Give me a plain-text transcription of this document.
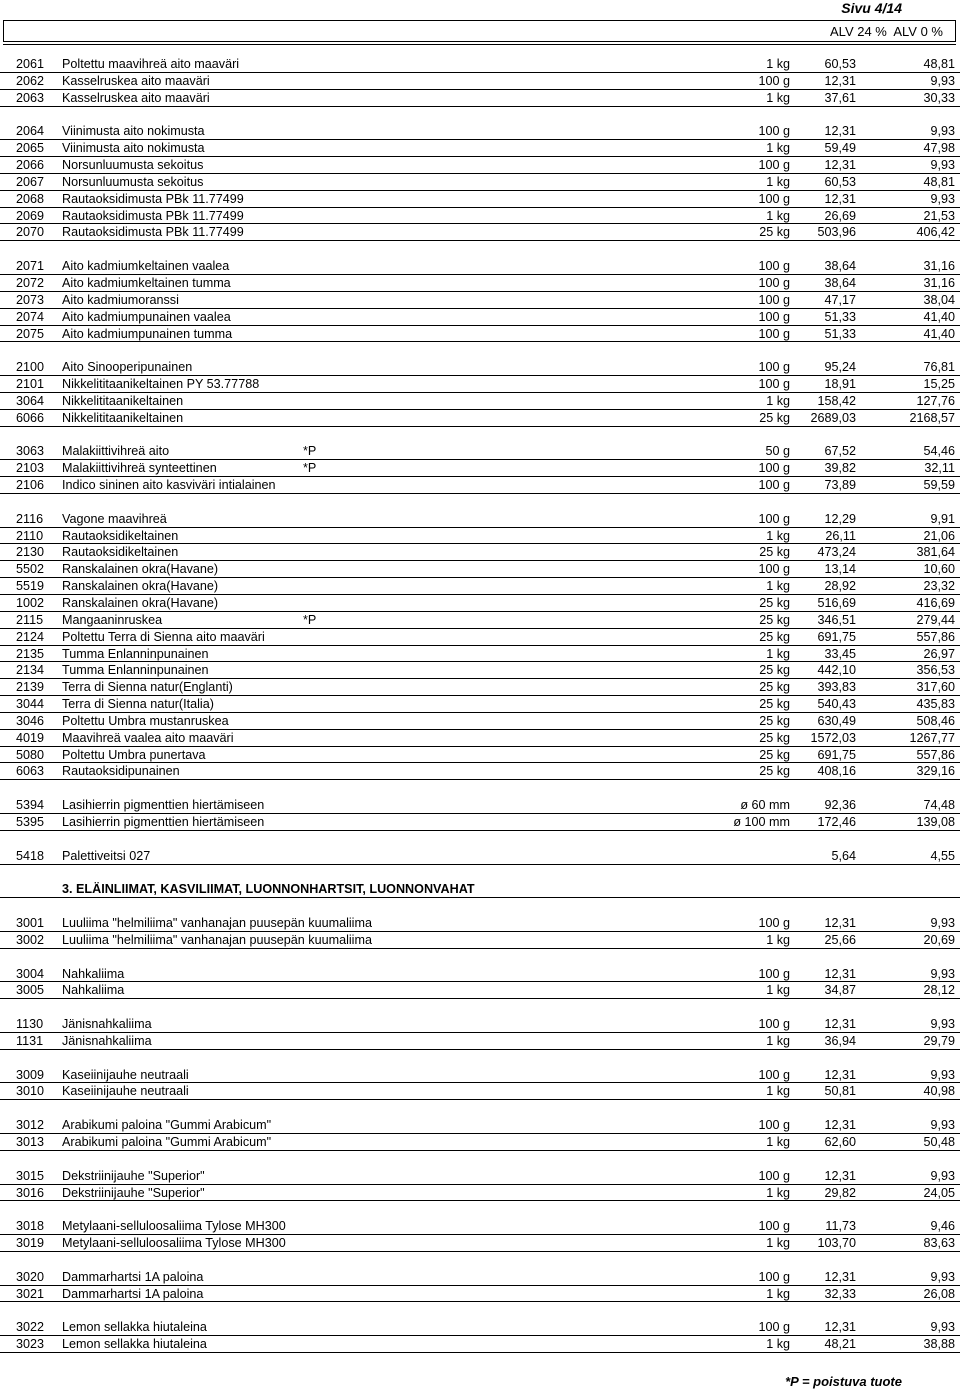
Sivu 4/14
ALV 24 %  ALV 0 %
2061 Poltettu maavihreä aito maaväri	1 kg	60,53	48,81
2062 Kasselruskea aito maaväri	100 g	12,31	9,93
2063 Kasselruskea aito maaväri	1 kg	37,61	30,33
2064 Viinimusta aito nokimusta	100 g	12,31	9,93
2065 Viinimusta aito nokimusta	1 kg	59,49	47,98
2066 Norsunluumusta sekoitus	100 g	12,31	9,93
2067 Norsunluumusta sekoitus	1 kg	60,53	48,81
2068 Rautaoksidimusta PBk 11.77499	100 g	12,31	9,93
2069 Rautaoksidimusta PBk 11.77499	1 kg	26,69	21,53
2070 Rautaoksidimusta PBk 11.77499	25 kg	503,96	406,42
2071 Aito kadmiumkeltainen vaalea	100 g	38,64	31,16
2072 Aito kadmiumkeltainen tumma	100 g	38,64	31,16
2073 Aito kadmiumoranssi	100 g	47,17	38,04
2074 Aito kadmiumpunainen vaalea	100 g	51,33	41,40
2075 Aito kadmiumpunainen tumma	100 g	51,33	41,40
2100 Aito Sinooperipunainen	100 g	95,24	76,81
2101 Nikkelititaanikeltainen PY 53.77788	100 g	18,91	15,25
3064 Nikkelititaanikeltainen	1 kg	158,42	127,76
6066 Nikkelititaanikeltainen	25 kg	2689,03	2168,57
3063 Malakiittivihreä aito	*P	50 g	67,52	54,46
2103 Malakiittivihreä synteettinen	*P	100 g	39,82	32,11
2106 Indico sininen aito kasviväri intialainen	100 g	73,89	59,59
2116 Vagone maavihreä	100 g	12,29	9,91
2110 Rautaoksidikeltainen	1 kg	26,11	21,06
2130 Rautaoksidikeltainen	25 kg	473,24	381,64
5502 Ranskalainen okra(Havane)	100 g	13,14	10,60
5519 Ranskalainen okra(Havane)	1 kg	28,92	23,32
1002 Ranskalainen okra(Havane)	25 kg	516,69	416,69
2115 Mangaaninruskea	*P	25 kg	346,51	279,44
2124 Poltettu Terra di Sienna aito maaväri	25 kg	691,75	557,86
2135 Tumma Enlanninpunainen	1 kg	33,45	26,97
2134 Tumma Enlanninpunainen	25 kg	442,10	356,53
2139 Terra di Sienna natur(Englanti)	25 kg	393,83	317,60
3044 Terra di Sienna natur(Italia)	25 kg	540,43	435,83
3046 Poltettu Umbra mustanruskea	25 kg	630,49	508,46
4019 Maavihreä vaalea aito maaväri	25 kg	1572,03	1267,77
5080 Poltettu Umbra punertava	25 kg	691,75	557,86
6063 Rautaoksidipunainen	25 kg	408,16	329,16
5394 Lasihierrin pigmenttien hiertämiseen	ø 60 mm	92,36	74,48
5395 Lasihierrin pigmenttien hiertämiseen	ø 100 mm	172,46	139,08
5418 Palettiveitsi 027	5,64	4,55
3. ELÄINLIIMAT, KASVILIIMAT, LUONNONHARTSIT, LUONNONVAHAT
3001 Luuliima "helmiliima" vanhanajan puusepän kuumaliima	100 g	12,31	9,93
3002 Luuliima "helmiliima" vanhanajan puusepän kuumaliima	1 kg	25,66	20,69
3004 Nahkaliima	100 g	12,31	9,93
3005 Nahkaliima	1 kg	34,87	28,12
1130 Jänisnahkaliima	100 g	12,31	9,93
1131 Jänisnahkaliima	1 kg	36,94	29,79
3009 Kaseiinijauhe neutraali	100 g	12,31	9,93
3010 Kaseiinijauhe neutraali	1 kg	50,81	40,98
3012 Arabikumi paloina "Gummi Arabicum"	100 g	12,31	9,93
3013 Arabikumi paloina "Gummi Arabicum"	1 kg	62,60	50,48
3015 Dekstriinijauhe "Superior"	100 g	12,31	9,93
3016 Dekstriinijauhe "Superior"	1 kg	29,82	24,05
3018 Metylaani-selluloosaliima Tylose MH300	100 g	11,73	9,46
3019 Metylaani-selluloosaliima Tylose MH300	1 kg	103,70	83,63
3020 Dammarhartsi 1A paloina	100 g	12,31	9,93
3021 Dammarhartsi 1A paloina	1 kg	32,33	26,08
3022 Lemon sellakka hiutaleina	100 g	12,31	9,93
3023 Lemon sellakka hiutaleina	1 kg	48,21	38,88
*P = poistuva tuote
